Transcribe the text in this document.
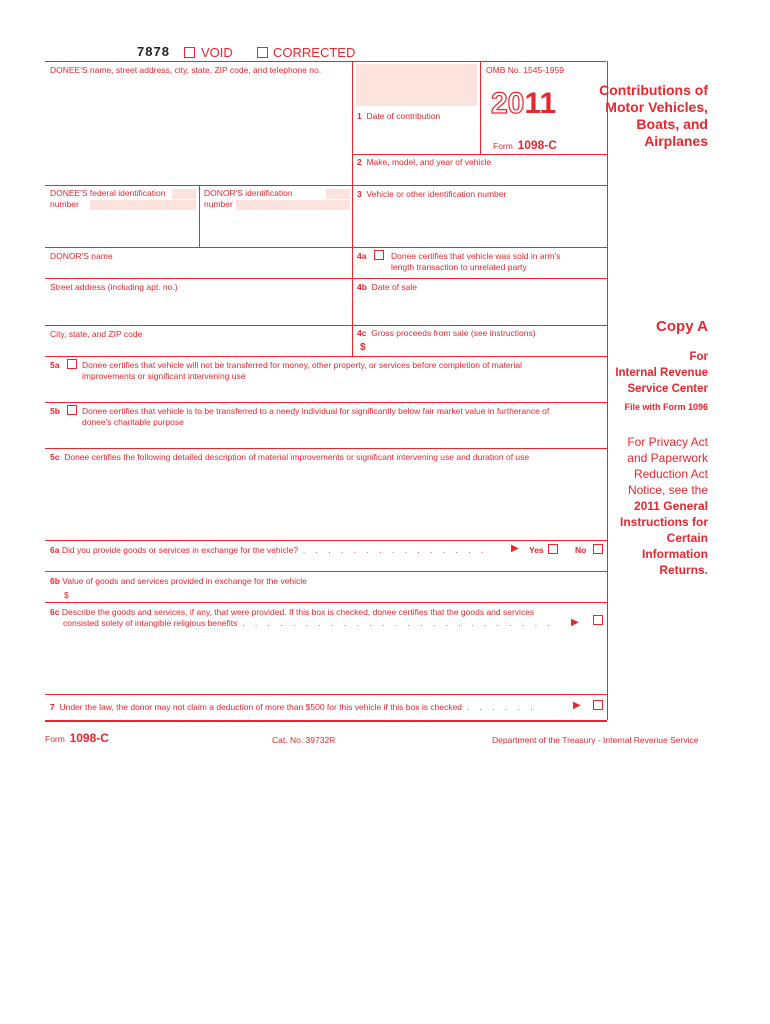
7878 VOID	CORRECTED
DONEE'S name, street address, city, state, ZIP code, and telephone no.
1 Date of contribution
OMB No. 1545-1959
2011
Form 1098-C
Contributions of
Motor Vehicles,
Boats, and
Airplanes
2 Make, model, and year of vehicle
DONEE'S federal identification
number
DONOR'S identification
number
3 Vehicle or other identification number
DONOR'S name	4a	Donee certifies that vehicle was sold in arm's
length transaction to unrelated party
Street address (including apt. no.)	4b Date of sale
City, state, and ZIP code	4c Gross proceeds from sale (see instructions)
$
5a	Donee certifies that vehicle will not be transferred for money, other property, or services before completion of material
improvements or significant intervening use
5b	Donee certifies that vehicle is to be transferred to a needy individual for significantly below fair market value in furtherance of
donee's charitable purpose
5c Donee certifies the following detailed description of material improvements or significant intervening use and duration of use
6a Did you provide goods or services in exchange for the vehicle? . . . . . . . . . . . . . . . ▶ Yes	No
6b Value of goods and services provided in exchange for the vehicle
$
6c Describe the goods and services, if any, that were provided. If this box is checked, donee certifies that the goods and services
consisted solely of intangible religious benefits . . . . . . . . . . . . . . . . . . . . . . . . . ▶
7 Under the law, the donor may not claim a deduction of more than $500 for this vehicle if this box is checked . . . . . .	▶
Copy A
For
Internal Revenue
Service Center
File with Form 1096
For Privacy Act
and Paperwork
Reduction Act
Notice, see the
2011 General
Instructions for
Certain
Information
Returns.
Form 1098-C	Cat. No. 39732R	Department of the Treasury - Internal Revenue Service
